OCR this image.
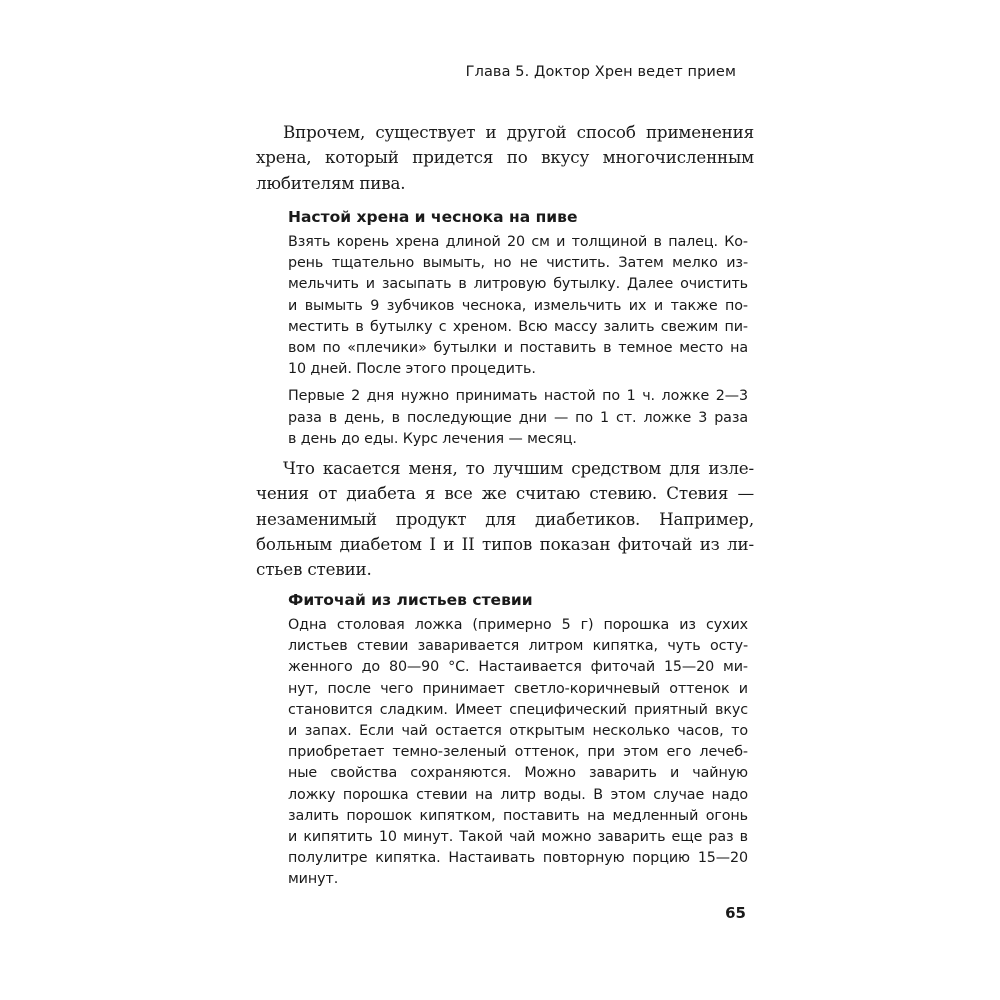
Глава 5. Доктор Хрен ведет прием
Впрочем, существует и другой способ применения
хрена, который придется по вкусу многочисленным
любителям пива.
Настой хрена и чеснока на пиве
Взять корень хрена длиной 20 см и толщиной в палец. Ко-
рень тщательно вымыть, но не чистить. Затем мелко из-
мельчить и засыпать в литровую бутылку. Далее очистить
и вымыть 9 зубчиков чеснока, измельчить их и также по-
местить в бутылку с хреном. Всю массу залить свежим пи-
вом по «плечики» бутылки и поставить в темное место на
10 дней. После этого процедить.
Первые 2 дня нужно принимать настой по 1 ч. ложке 2—3
раза в день, в последующие дни — по 1 ст. ложке 3 раза
в день до еды. Курс лечения — месяц.
Что касается меня, то лучшим средством для изле-
чения от диабета я все же считаю стевию. Стевия —
незаменимый продукт для диабетиков. Например,
больным диабетом I и II типов показан фиточай из ли-
стьев стевии.
Фиточай из листьев стевии
Одна столовая ложка (примерно 5 г) порошка из сухих
листьев стевии заваривается литром кипятка, чуть осту-
женного до 80—90 °С. Настаивается фиточай 15—20 ми-
нут, после чего принимает светло-коричневый оттенок и
становится сладким. Имеет специфический приятный вкус
и запах. Если чай остается открытым несколько часов, то
приобретает темно-зеленый оттенок, при этом его лечеб-
ные свойства сохраняются. Можно заварить и чайную
ложку порошка стевии на литр воды. В этом случае надо
залить порошок кипятком, поставить на медленный огонь
и кипятить 10 минут. Такой чай можно заварить еще раз в
полулитре кипятка. Настаивать повторную порцию 15—20
минут.
65
